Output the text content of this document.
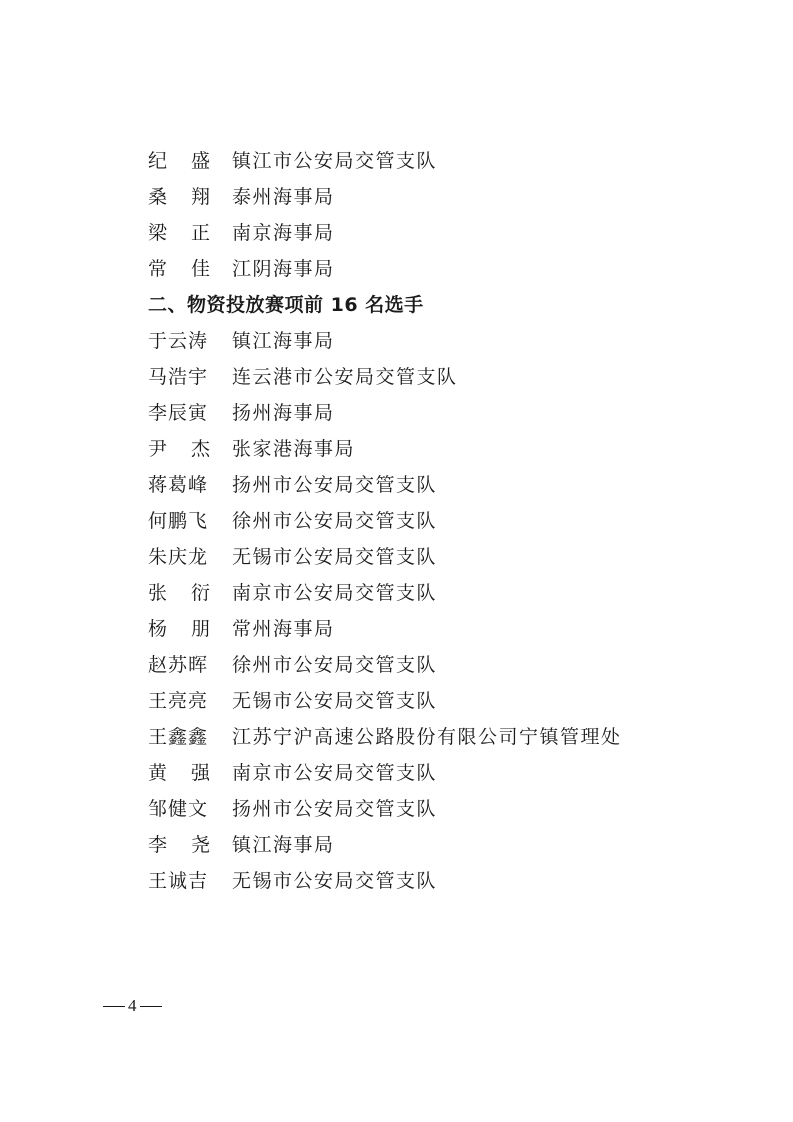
纪 盛 镇江市公安局交管支队
桑 翔 泰州海事局
梁 正 南京海事局
常 佳 江阴海事局
二、物资投放赛项前 16 名选手
于云涛	镇江海事局
马浩宇	连云港市公安局交管支队
李辰寅	扬州海事局
尹 杰 张家港海事局
蒋葛峰	扬州市公安局交管支队
何鹏飞	徐州市公安局交管支队
朱庆龙	无锡市公安局交管支队
张 衍 南京市公安局交管支队
杨 朋 常州海事局
赵苏晖	徐州市公安局交管支队
王亮亮	无锡市公安局交管支队
王鑫鑫	江苏宁沪高速公路股份有限公司宁镇管理处
黄 强 南京市公安局交管支队
邹健文	扬州市公安局交管支队
李 尧 镇江海事局
王诚吉	无锡市公安局交管支队
4
